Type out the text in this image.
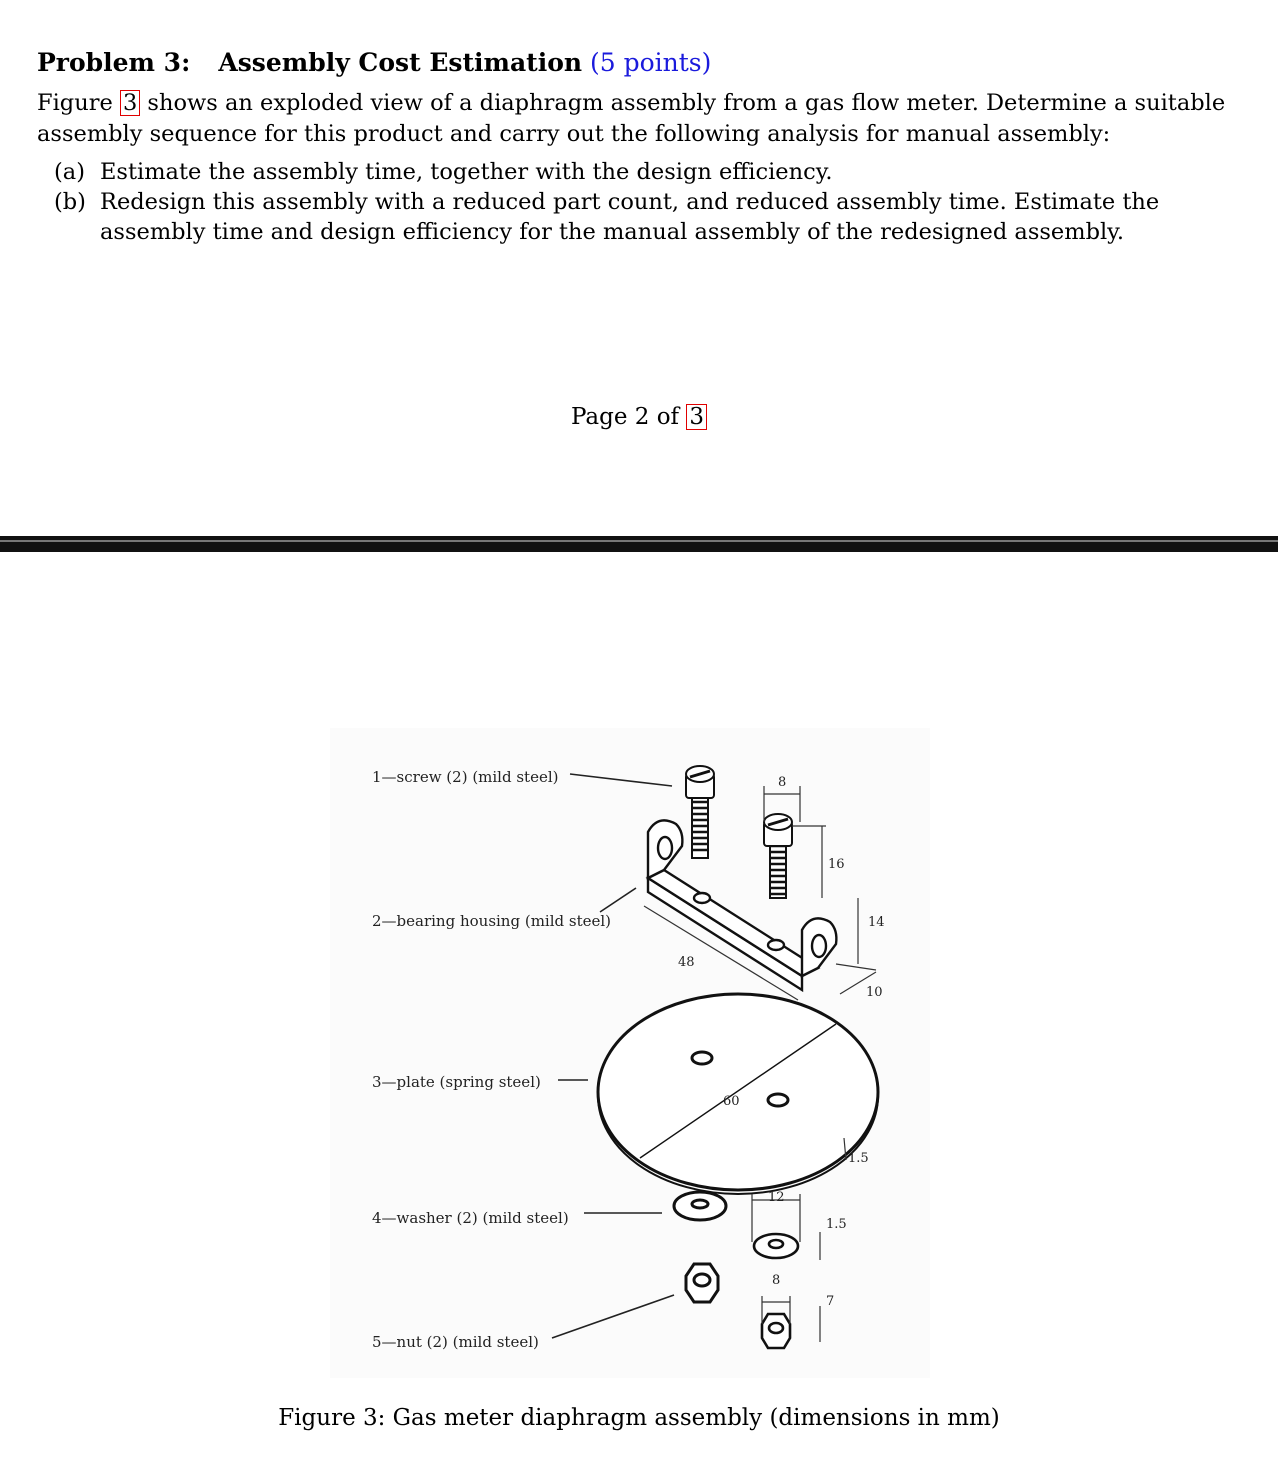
Problem 3: Assembly Cost Estimation (5 points)
Figure 3 shows an exploded view of a diaphragm assembly from a gas flow meter. Determine a suitable
assembly sequence for this product and carry out the following analysis for manual assembly:
(a) Estimate the assembly time, together with the design efficiency.
(b) Redesign this assembly with a reduced part count, and reduced assembly time. Estimate the assembly time and design efficiency for the manual assembly of the redesigned assembly.
Page 2 of 3
1—screw (2) (mild steel)
2—bearing housing (mild steel)
3—plate (spring steel)
4—washer (2) (mild steel)
5—nut (2) (mild steel)
8
16
14
10
48
60
1.5
12
1.5
8
7
Figure 3: Gas meter diaphragm assembly (dimensions in mm)
